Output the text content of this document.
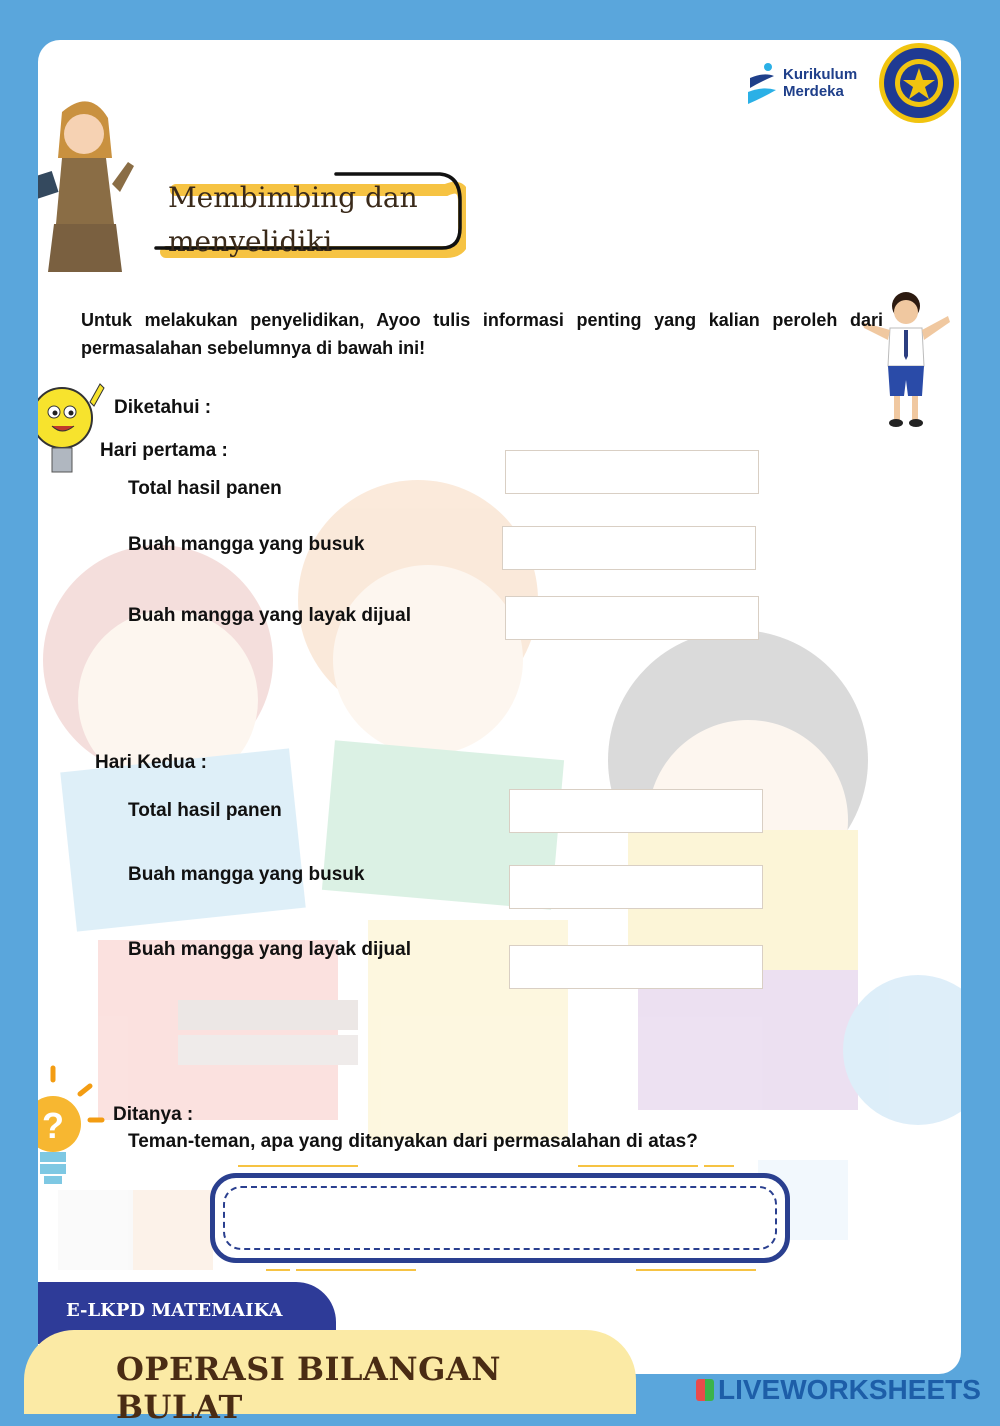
Kurikulum
Merdeka
Membimbing dan
menyelidiki
Untuk melakukan penyelidikan, Ayoo tulis informasi penting yang kalian peroleh dari permasalahan sebelumnya di bawah ini!
Diketahui :
Hari pertama :
Total hasil panen
Buah mangga yang busuk
Buah mangga yang layak dijual
Hari Kedua :
Total hasil panen
Buah mangga yang busuk
Buah mangga yang layak dijual
?	Ditanya :
Teman-teman, apa yang ditanyakan dari permasalahan di atas?
E-LKPD MATEMAIKA
OPERASI BILANGAN BULAT	LIVEWORKSHEETS
